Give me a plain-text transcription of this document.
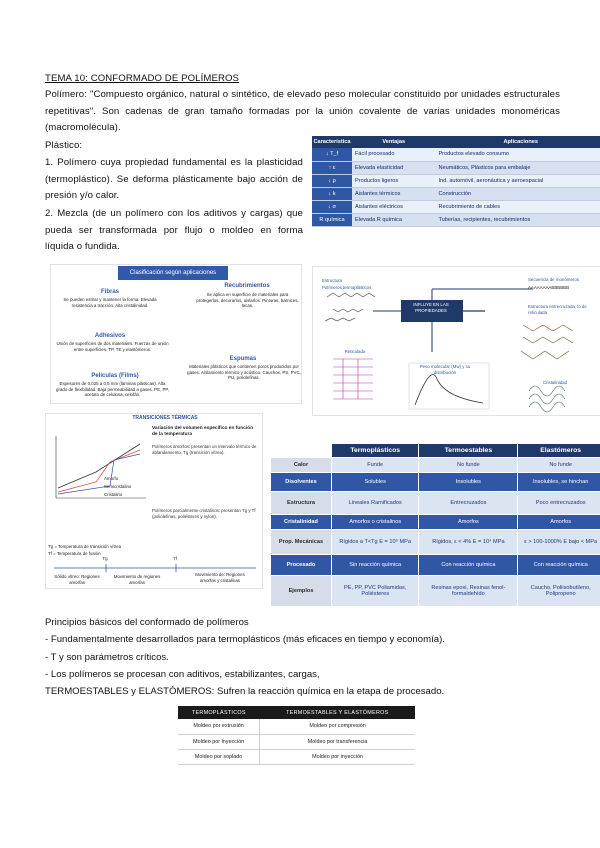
TEMA 10: CONFORMADO DE POLÍMEROS
Polímero: "Compuesto orgánico, natural o sintético, de elevado peso molecular constituido por unidades estructurales repetitivas". Son cadenas de gran tamaño formadas por la unión covalente de varias unidades monoméricas (macromolécula).
Plástico:
1. Polímero cuya propiedad fundamental es la plasticidad (termoplástico). Se deforma plásticamente bajo acción de presión y/o calor.
2. Mezcla (de un polímero con los aditivos y cargas) que pueda ser transformada por flujo o moldeo en forma líquida o fundida.
Característica	Ventajas	Aplicaciones
↓ T_f	Fácil procesado	Productos elevado consumo
↑ ε	Elevada elasticidad	Neumáticos, Plásticos para embalaje
↓ ρ	Productos ligeros	Ind. automóvil, aeronáutica y aeroespacial
↓ k	Aislantes térmicos	Construcción
↓ σ	Aislantes eléctricos	Recubrimiento de cables
R química	Elevada R química	Tuberías, recipientes, recubrimientos
Clasificación según aplicaciones
Fibras
Se pueden estirar y mantener la forma. Elevada resistencia a tracción. Alta cristalinidad.
Recubrimientos
Se aplica en superficie de materiales para protegerlos, decorarlos, aislarlos. Pinturas, barnices, lacas.
Adhesivos
Unión de superficies de dos materiales. Fuerzas de unión entre superficies. TP, TE y elastómeros.
Espumas
Materiales plásticos que contienen poros producidos por gases. Aislamiento térmico y acústico. Cauchos, PS, PVC, PU, poliolefinas.
Películas (Films)
Espesores de 0,025 a 0,5 mm (láminas plásticas). Alta grado de flexibilidad. Baja permeabilidad a gases. PE, PP, acetato de celulosa, celofán.
Estructura
Polímeros termoplásticos
INFLUYE EN LAS PROPIEDADES
Secuencia de monómeros
AAAAAAAABBBBBB
Estructura entrecruzada, lo de reticulada
Reticulado
Peso molecular (Mw) y su distribución
Cristalinidad
TRANSICIONES TÉRMICAS
Amorfo
Semicristalino
Cristalino
Variación del volumen específico en función de la temperatura
Polímeros amorfos: presentan un intervalo térmico de ablandamiento, Tg (transición vítrea).
Polímeros parcialmente cristalinos: presentan Tg y Tf (poliolefinas, poliésteres y nylon).
Tg = Temperatura de transición vítrea
Tf = Temperatura de fusión
Tg	Tf
Sólido vítreo: Regiones amorfas
Movimiento de regiones amorfas
Movimiento de: Regiones amorfas y cristalinas
	Termoplásticos	Termoestables	Elastómeros
Calor	Funde	No funde	No funde
Disolventes	Solubles	Insolubles	Insolubles, se hinchan
Estructura	Lineales Ramificados	Entrecruzados	Poco entrecruzados
Cristalinidad	Amorfos o cristalinos	Amorfos	Amorfos
Prop. Mecánicas	Rígidos a T<Tg E = 10⁹ MPa	Rígidos, ε < 4% E = 10⁴ MPa	ε > 100-1000% E bajo < MPa
Procesado	Sin reacción química	Con reacción química	Con reacción química
Ejemplos	PE, PP, PVC Poliamidas, Poliésteres	Resinas epoxi, Resinas fenol-formaldehído	Caucho, Poliisobutileno, Polipropeno
Principios básicos del conformado de polímeros
- Fundamentalmente desarrollados para termoplásticos (más eficaces en tiempo y economía).
- T y son parámetros críticos.
- Los polímeros se procesan con aditivos, estabilizantes, cargas,
TERMOESTABLES y ELASTÓMEROS: Sufren la reacción química en la etapa de procesado.
TERMOPLÁSTICOS	TERMOESTABLES Y ELASTÓMEROS
Moldeo por extrusión	Moldeo por compresión
Moldeo por inyección	Moldeo por transferencia
Moldeo por soplado	Moldeo por inyección
